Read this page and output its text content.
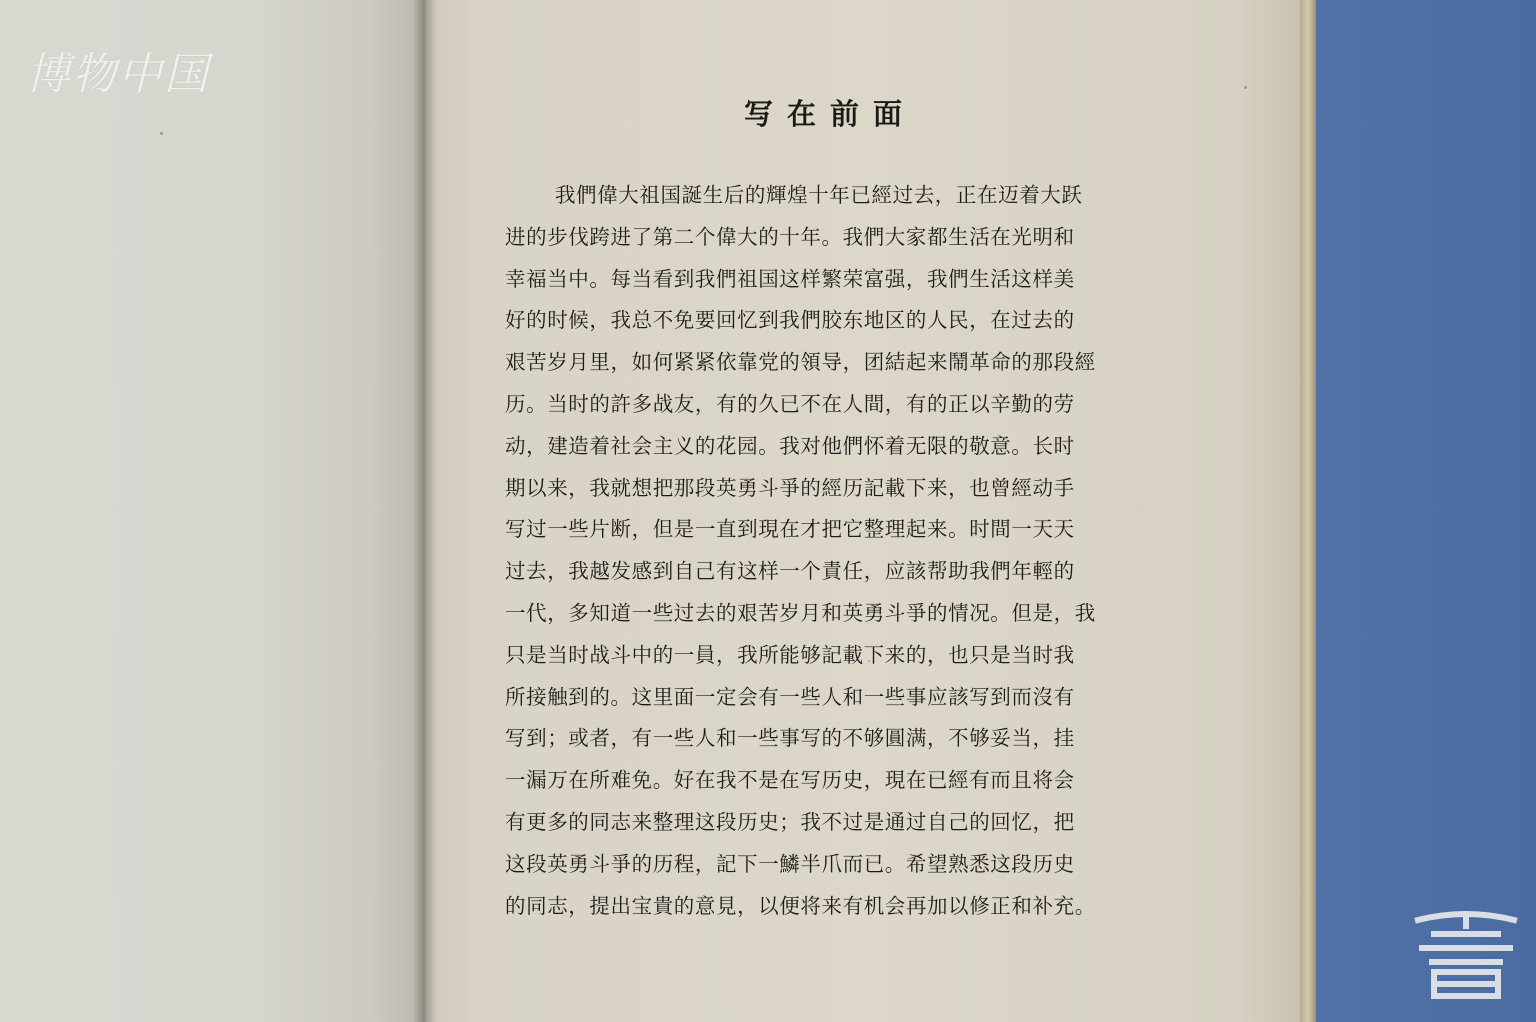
博物中国
写在前面
我們偉大祖国誕生后的輝煌十年已經过去，正在迈着大跃
进的步伐跨进了第二个偉大的十年。我們大家都生活在光明和
幸福当中。每当看到我們祖国这样繁荣富强，我們生活这样美
好的时候，我总不免要回忆到我們胶东地区的人民，在过去的
艰苦岁月里，如何紧紧依靠党的領导，团結起来鬧革命的那段經
历。当时的許多战友，有的久已不在人間，有的正以辛勤的劳
动，建造着社会主义的花园。我对他們怀着无限的敬意。长时
期以来，我就想把那段英勇斗爭的經历記載下来，也曾經动手
写过一些片断，但是一直到現在才把它整理起来。时間一天天
过去，我越发感到自己有这样一个責任，应該帮助我們年輕的
一代，多知道一些过去的艰苦岁月和英勇斗爭的情况。但是，我
只是当时战斗中的一員，我所能够記載下来的，也只是当时我
所接触到的。这里面一定会有一些人和一些事应該写到而沒有
写到；或者，有一些人和一些事写的不够圓满，不够妥当，挂
一漏万在所难免。好在我不是在写历史，現在已經有而且将会
有更多的同志来整理这段历史；我不过是通过自己的回忆，把
这段英勇斗爭的历程，記下一鱗半爪而已。希望熟悉这段历史
的同志，提出宝貴的意見，以便将来有机会再加以修正和补充。
